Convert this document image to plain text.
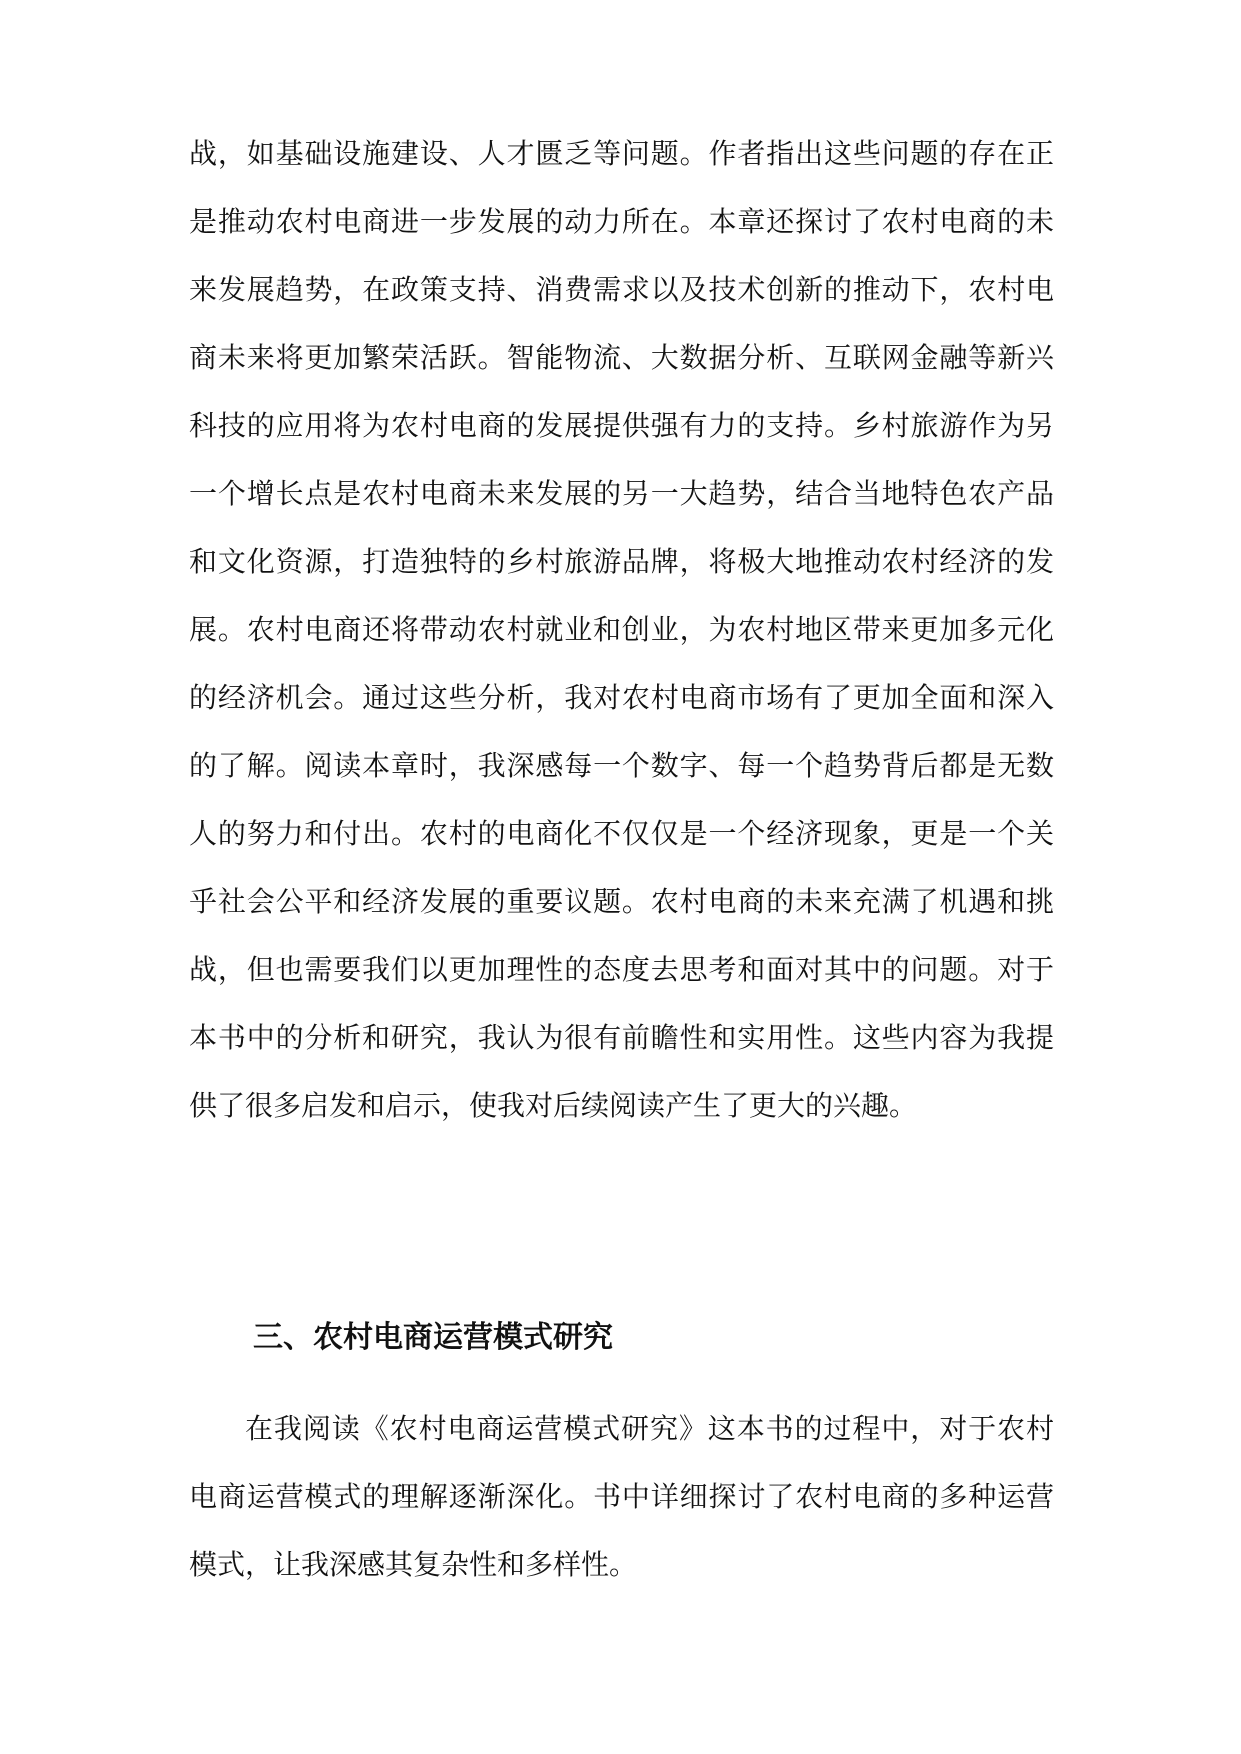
战，如基础设施建设、人才匮乏等问题。作者指出这些问题的存在正
是推动农村电商进一步发展的动力所在。本章还探讨了农村电商的未
来发展趋势，在政策支持、消费需求以及技术创新的推动下，农村电
商未来将更加繁荣活跃。智能物流、大数据分析、互联网金融等新兴
科技的应用将为农村电商的发展提供强有力的支持。乡村旅游作为另
一个增长点是农村电商未来发展的另一大趋势，结合当地特色农产品
和文化资源，打造独特的乡村旅游品牌，将极大地推动农村经济的发
展。农村电商还将带动农村就业和创业，为农村地区带来更加多元化
的经济机会。通过这些分析，我对农村电商市场有了更加全面和深入
的了解。阅读本章时，我深感每一个数字、每一个趋势背后都是无数
人的努力和付出。农村的电商化不仅仅是一个经济现象，更是一个关
乎社会公平和经济发展的重要议题。农村电商的未来充满了机遇和挑
战，但也需要我们以更加理性的态度去思考和面对其中的问题。对于
本书中的分析和研究，我认为很有前瞻性和实用性。这些内容为我提
供了很多启发和启示，使我对后续阅读产生了更大的兴趣。
三、农村电商运营模式研究
在我阅读《农村电商运营模式研究》这本书的过程中，对于农村
电商运营模式的理解逐渐深化。书中详细探讨了农村电商的多种运营
模式，让我深感其复杂性和多样性。
